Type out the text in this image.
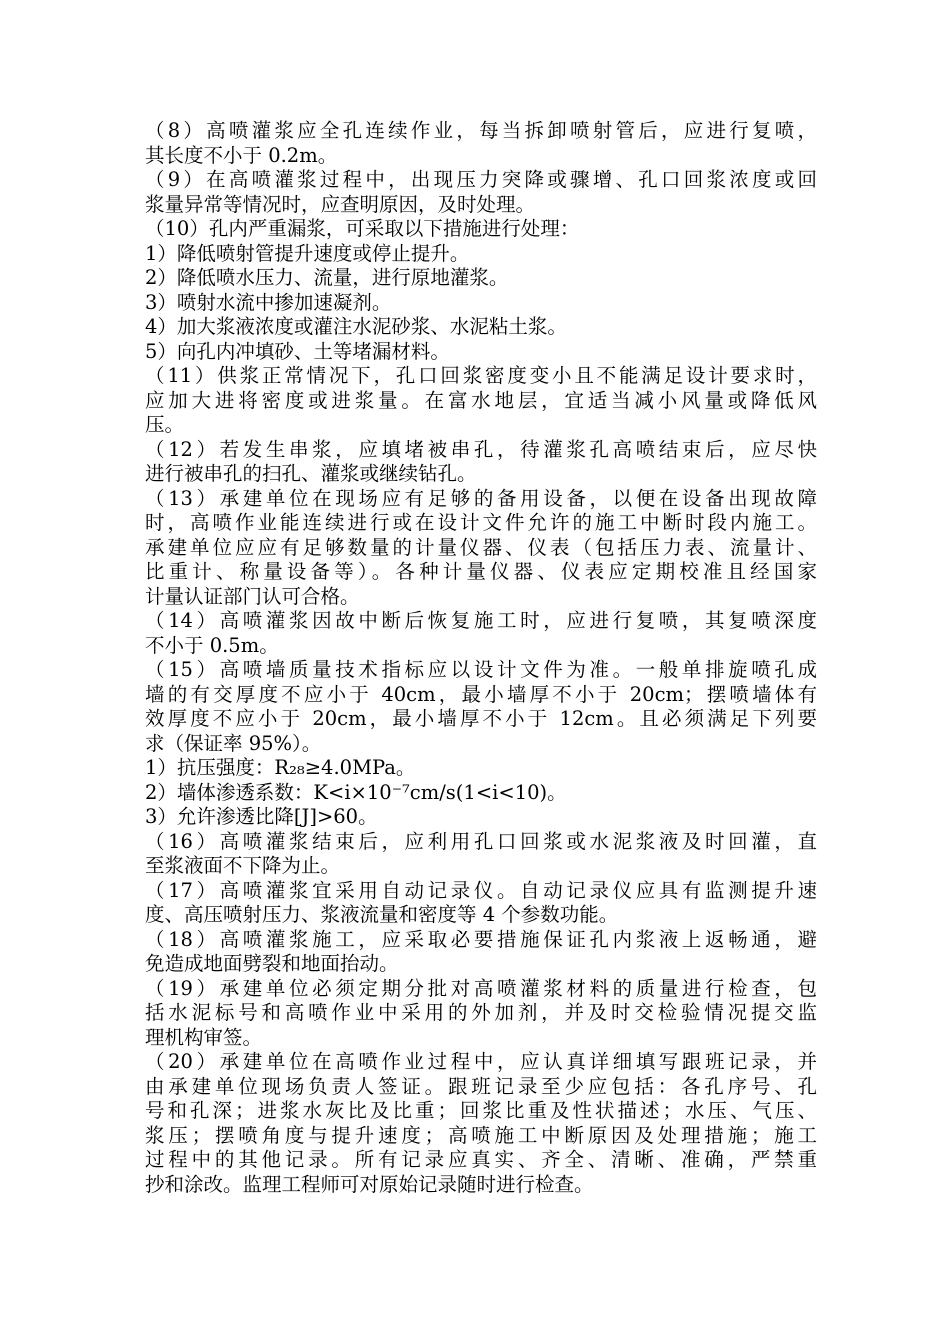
（8）高喷灌浆应全孔连续作业，每当拆卸喷射管后，应进行复喷，
其长度不小于 0.2m。
（9）在高喷灌浆过程中，出现压力突降或骤增、孔口回浆浓度或回
浆量异常等情况时，应查明原因，及时处理。
（10）孔内严重漏浆，可采取以下措施进行处理：
1）降低喷射管提升速度或停止提升。
2）降低喷水压力、流量，进行原地灌浆。
3）喷射水流中掺加速凝剂。
4）加大浆液浓度或灌注水泥砂浆、水泥粘土浆。
5）向孔内冲填砂、土等堵漏材料。
（11）供浆正常情况下，孔口回浆密度变小且不能满足设计要求时，
应加大进将密度或进浆量。在富水地层，宜适当减小风量或降低风
压。
（12）若发生串浆，应填堵被串孔，待灌浆孔高喷结束后，应尽快
进行被串孔的扫孔、灌浆或继续钻孔。
（13）承建单位在现场应有足够的备用设备，以便在设备出现故障
时，高喷作业能连续进行或在设计文件允许的施工中断时段内施工。
承建单位应应有足够数量的计量仪器、仪表（包括压力表、流量计、
比重计、称量设备等）。各种计量仪器、仪表应定期校准且经国家
计量认证部门认可合格。
（14）高喷灌浆因故中断后恢复施工时，应进行复喷，其复喷深度
不小于 0.5m。
（15）高喷墙质量技术指标应以设计文件为准。一般单排旋喷孔成
墙的有交厚度不应小于 40cm，最小墙厚不小于 20cm；摆喷墙体有
效厚度不应小于 20cm，最小墙厚不小于 12cm。且必须满足下列要
求（保证率 95%）。
1）抗压强度：R₂₈≥4.0MPa。
2）墙体渗透系数：K<i×10⁻⁷cm/s(1<i<10)。
3）允许渗透比降[J]>60。
（16）高喷灌浆结束后，应利用孔口回浆或水泥浆液及时回灌，直
至浆液面不下降为止。
（17）高喷灌浆宜采用自动记录仪。自动记录仪应具有监测提升速
度、高压喷射压力、浆液流量和密度等 4 个参数功能。
（18）高喷灌浆施工，应采取必要措施保证孔内浆液上返畅通，避
免造成地面劈裂和地面抬动。
（19）承建单位必须定期分批对高喷灌浆材料的质量进行检查，包
括水泥标号和高喷作业中采用的外加剂，并及时交检验情况提交监
理机构审签。
（20）承建单位在高喷作业过程中，应认真详细填写跟班记录，并
由承建单位现场负责人签证。跟班记录至少应包括：各孔序号、孔
号和孔深；进浆水灰比及比重；回浆比重及性状描述；水压、气压、
浆压；摆喷角度与提升速度；高喷施工中断原因及处理措施；施工
过程中的其他记录。所有记录应真实、齐全、清晰、准确，严禁重
抄和涂改。监理工程师可对原始记录随时进行检查。
